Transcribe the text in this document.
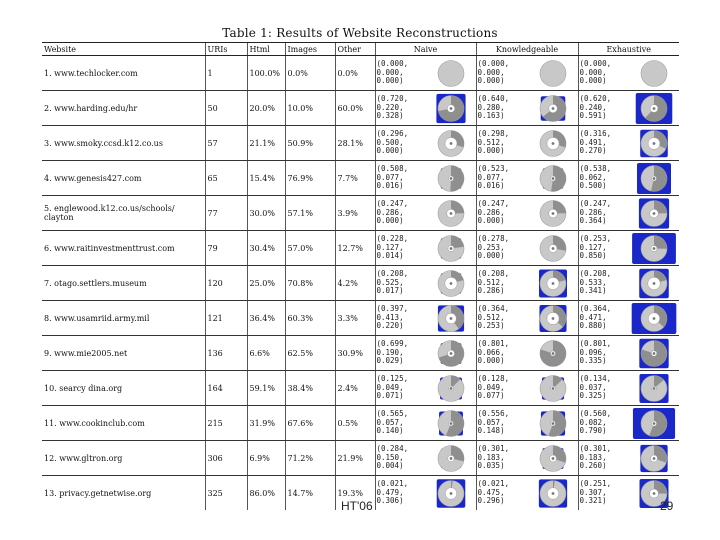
Table 1: Results of Website Reconstructions
Website	URIs	Html	Images	Other	Naive	Knowledgeable	Exhaustive
1. www.techlocker.com	1	100.0%	0.0%	0.0%	(0.000,
0.000,
0.000)	(0.000,
0.000,
0.000)	(0.000,
0.000,
0.000)

2. www.harding.edu/hr	50	20.0%	10.0%	60.0%	(0.720,
0.220,
0.328)	(0.640,
0.280,
0.163)	(0.620,
0.240,
0.591)

3. www.smoky.ccsd.k12.co.us	57	21.1%	50.9%	28.1%	(0.296,
0.500,
0.000)	(0.298,
0.512,
0.000)	(0.316,
0.491,
0.270)

4. www.genesis427.com	65	15.4%	76.9%	7.7%	(0.508,
0.077,
0.016)	(0.523,
0.077,
0.016)	(0.538,
0.062,
0.500)

5. englewood.k12.co.us/schools/ clayton	77	30.0%	57.1%	3.9%	(0.247,
0.286,
0.000)	(0.247,
0.286,
0.000)	(0.247,
0.286,
0.364)

6. www.raitinvestmenttrust.com	79	30.4%	57.0%	12.7%	(0.228,
0.127,
0.014)	(0.278,
0.253,
0.000)	(0.253,
0.127,
0.850)

7. otago.settlers.museum	120	25.0%	70.8%	4.2%	(0.208,
0.525,
0.017)	(0.208,
0.512,
0.286)	(0.208,
0.533,
0.341)

8. www.usamriid.army.mil	121	36.4%	60.3%	3.3%	(0.397,
0.413,
0.220)	(0.364,
0.512,
0.253)	(0.364,
0.471,
0.880)

9. www.mie2005.net	136	6.6%	62.5%	30.9%	(0.699,
0.190,
0.029)	(0.801,
0.066,
0.000)	(0.801,
0.096,
0.335)

10. searcy dina.org	164	59.1%	38.4%	2.4%	(0.125,
0.049,
0.071)	(0.128,
0.049,
0.077)	(0.134,
0.037,
0.325)

11. www.cookinclub.com	215	31.9%	67.6%	0.5%	(0.565,
0.057,
0.140)	(0.556,
0.057,
0.148)	(0.560,
0.082,
0.790)

12. www.gltron.org	306	6.9%	71.2%	21.9%	(0.284,
0.150,
0.004)	(0.301,
0.183,
0.035)	(0.301,
0.183,
0.260)

13. privacy.getnetwise.org	325	86.0%	14.7%	19.3%	(0.021,
0.479,
0.306)	(0.021,
0.475,
0.296)	(0.251,
0.307,
0.321)
HT'06	29
